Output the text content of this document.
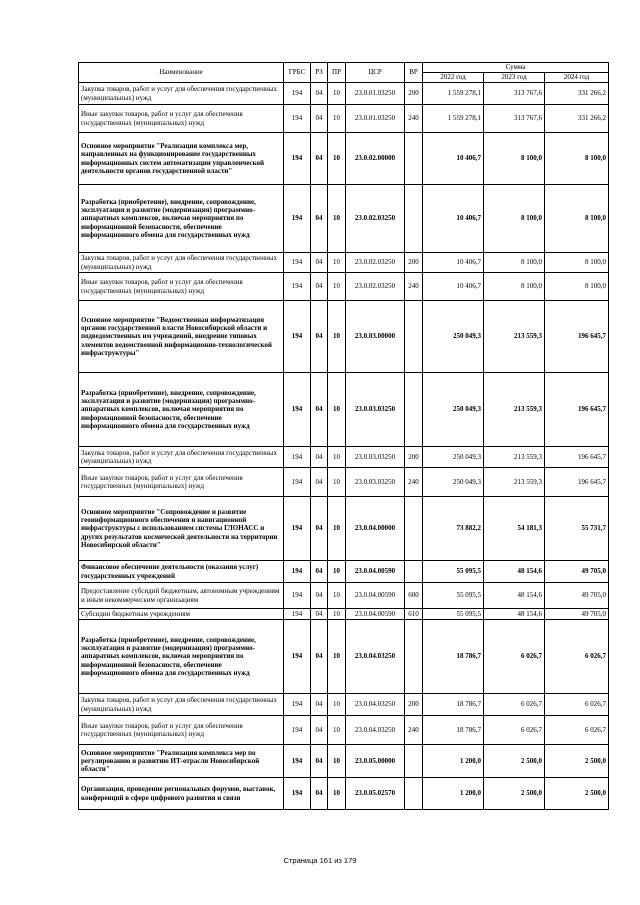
Наименование	ГРБС	РЗ	ПР	ЦСР	ВР	Сумма		
						2022 год	2023 год	2024 год
Закупка товаров, работ и услуг для обеспечения государственных (муниципальных) нужд	194	04	10	23.0.01.03250	200	1 559 278,1	313 767,6	331 266,2
Иные закупки товаров, работ и услуг для обеспечения государственных (муниципальных) нужд	194	04	10	23.0.01.03250	240	1 559 278,1	313 767,6	331 266,2
Основное мероприятие "Реализация комплекса мер, направленных на функционирование государственных информационных систем автоматизации управленческой деятельности органов государственной власти"	194	04	10	23.0.02.00000		10 406,7	8 100,0	8 100,0
Разработка (приобретение), внедрение, сопровождение, эксплуатация и развитие (модернизация) программно-аппаратных комплексов, включая мероприятия по информационной безопасности, обеспечение информационного обмена для государственных нужд	194	04	10	23.0.02.03250		10 406,7	8 100,0	8 100,0
Закупка товаров, работ и услуг для обеспечения государственных (муниципальных) нужд	194	04	10	23.0.02.03250	200	10 406,7	8 100,0	8 100,0
Иные закупки товаров, работ и услуг для обеспечения государственных (муниципальных) нужд	194	04	10	23.0.02.03250	240	10 406,7	8 100,0	8 100,0
Основное мероприятие "Ведомственная информатизация органов государственной власти Новосибирской области и подведомственных им учреждений, внедрение типовых элементов ведомственной информационно-технологической инфраструктуры"	194	04	10	23.0.03.00000		250 049,3	213 559,3	196 645,7
Разработка (приобретение), внедрение, сопровождение, эксплуатация и развитие (модернизация) программно-аппаратных комплексов, включая мероприятия по информационной безопасности, обеспечение информационного обмена для государственных нужд	194	04	10	23.0.03.03250		250 049,3	213 559,3	196 645,7
Закупка товаров, работ и услуг для обеспечения государственных (муниципальных) нужд	194	04	10	23.0.03.03250	200	250 049,3	213 559,3	196 645,7
Иные закупки товаров, работ и услуг для обеспечения государственных (муниципальных) нужд	194	04	10	23.0.03.03250	240	250 049,3	213 559,3	196 645,7
Основное мероприятие "Сопровождение и развитие геоинформационного обеспечения и навигационной инфраструктуры с использованием системы ГЛОНАСС и других результатов космической деятельности на территории Новосибирской области"	194	04	10	23.0.04.00000		73 882,2	54 181,3	55 731,7
Финансовое обеспечение деятельности (оказания услуг) государственных учреждений	194	04	10	23.0.04.00590		55 095,5	48 154,6	49 705,0
Предоставление субсидий бюджетным, автономным учреждениям и иным некоммерческим организациям	194	04	10	23.0.04.00590	600	55 095,5	48 154,6	49 705,0
Субсидии бюджетным учреждениям	194	04	10	23.0.04.00590	610	55 095,5	48 154,6	49 705,0
Разработка (приобретение), внедрение, сопровождение, эксплуатация и развитие (модернизация) программно-аппаратных комплексов, включая мероприятия по информационной безопасности, обеспечение информационного обмена для государственных нужд	194	04	10	23.0.04.03250		18 786,7	6 026,7	6 026,7
Закупка товаров, работ и услуг для обеспечения государственных (муниципальных) нужд	194	04	10	23.0.04.03250	200	18 786,7	6 026,7	6 026,7
Иные закупки товаров, работ и услуг для обеспечения государственных (муниципальных) нужд	194	04	10	23.0.04.03250	240	18 786,7	6 026,7	6 026,7
Основное мероприятие "Реализация комплекса мер по регулированию и развитию ИТ-отрасли Новосибирской области"	194	04	10	23.0.05.00000		1 200,0	2 500,0	2 500,0
Организация, проведение региональных форумов, выставок, конференций в сфере цифрового развития и связи	194	04	10	23.0.05.02570		1 200,0	2 500,0	2 500,0
Страница 161 из 179
